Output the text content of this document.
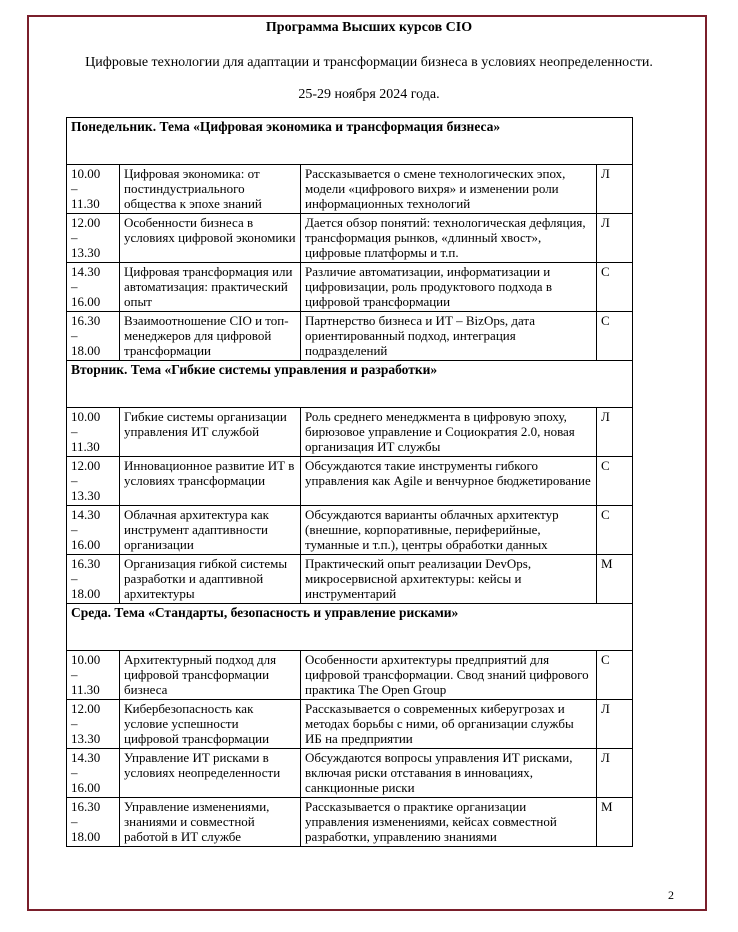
Программа Высших курсов CIO
Цифровые технологии для адаптации и трансформации бизнеса в условиях неопределенности.
25-29 ноября 2024 года.
Понедельник. Тема «Цифровая экономика и трансформация бизнеса»			

10.00
–
11.30	Цифровая экономика: от постиндустриального общества к эпохе знаний	Рассказывается о смене технологических эпох, модели «цифрового вихря» и изменении роли информационных технологий	Л

12.00
–
13.30	Особенности бизнеса в условиях цифровой экономики	Дается обзор понятий: технологическая дефляция, трансформация рынков, «длинный хвост», цифровые платформы и т.п.	Л

14.30
–
16.00	Цифровая трансформация или автоматизация: практический опыт	Различие автоматизации, информатизации и цифровизации, роль продуктового подхода в цифровой трансформации	С

16.30
–
18.00	Взаимоотношение CIO и топ-менеджеров для цифровой трансформации	Партнерство бизнеса и ИТ – BizOps, дата ориентированный подход, интеграция подразделений	С
Вторник. Тема «Гибкие системы управления и разработки»			

10.00
–
11.30	Гибкие системы организации управления ИТ службой	Роль среднего менеджмента в цифровую эпоху, бирюзовое управление и Социократия 2.0, новая организация ИТ службы	Л

12.00
–
13.30	Инновационное развитие ИТ в условиях трансформации	Обсуждаются такие инструменты гибкого управления как Agile и венчурное бюджетирование	С

14.30
–
16.00	Облачная архитектура как инструмент адаптивности организации	Обсуждаются варианты облачных архитектур (внешние, корпоративные, периферийные, туманные и т.п.), центры обработки данных	С

16.30
–
18.00	Организация гибкой системы разработки и адаптивной архитектуры	Практический опыт реализации DevOps, микросервисной архитектуры: кейсы и инструментарий	М
Среда. Тема «Стандарты, безопасность и управление рисками»			

10.00
–
11.30	Архитектурный подход для цифровой трансформации бизнеса	Особенности архитектуры предприятий для цифровой трансформации. Свод знаний цифрового практика The Open Group	С

12.00
–
13.30	Кибербезопасность как условие успешности цифровой трансформации	Рассказывается о современных киберугрозах и методах борьбы с ними, об организации службы ИБ на предприятии	Л

14.30
–
16.00	Управление ИТ рисками в условиях неопределенности	Обсуждаются вопросы управления ИТ рисками, включая риски отставания в инновациях, санкционные риски	Л

16.30
–
18.00	Управление изменениями, знаниями и совместной работой в ИТ службе	Рассказывается о практике организации управления изменениями, кейсах совместной разработки, управлению знаниями	М
2
